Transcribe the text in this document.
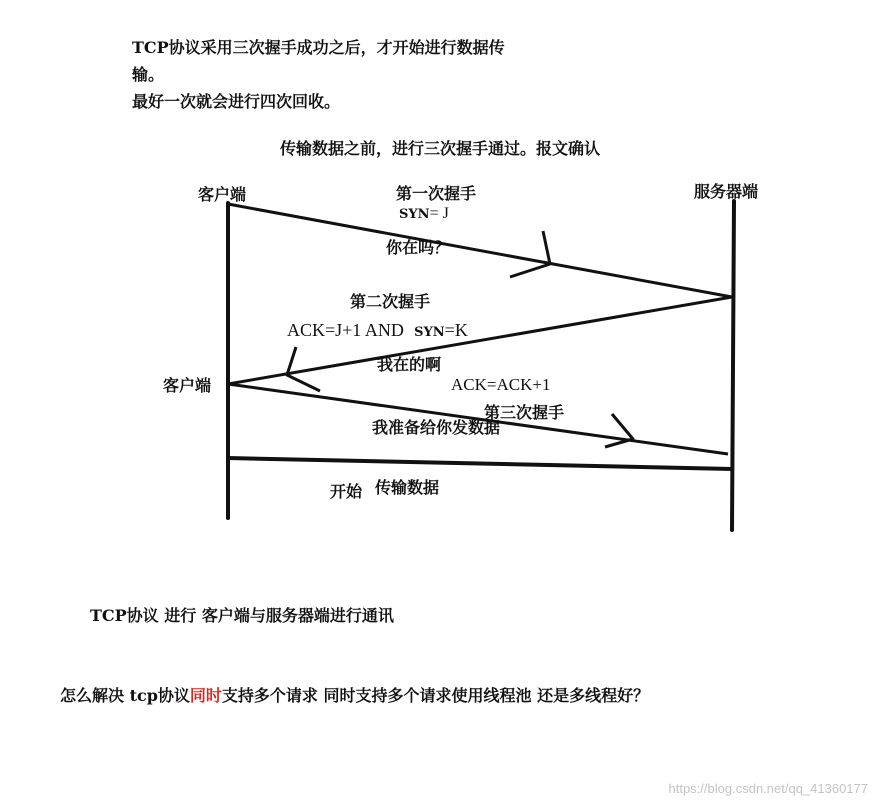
TCP协议采用三次握手成功之后，才开始进行数据传
输。
最好一次就会进行四次回收。
传输数据之前，进行三次握手通过。报文确认
客户端	服务器端
客户端
第一次握手
SYN= J
你在吗？
第二次握手
ACK=J+1 AND SYN=K
我在的啊
ACK=ACK+1
第三次握手
我准备给你发数据
开始 传输数据
TCP协议 进行 客户端与服务器端进行通讯
怎么解决 tcp协议同时支持多个请求 同时支持多个请求使用线程池 还是多线程好？
https://blog.csdn.net/qq_41360177
